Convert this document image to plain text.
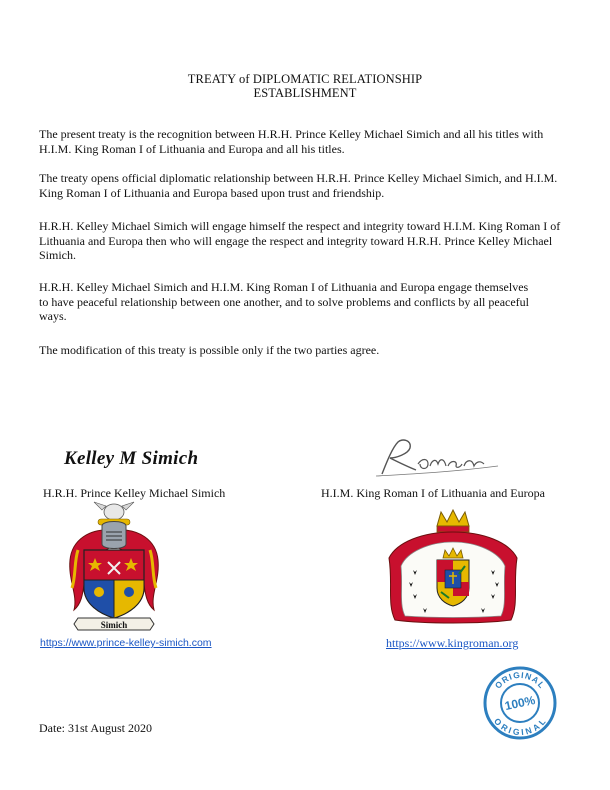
TREATY of DIPLOMATIC RELATIONSHIP
ESTABLISHMENT

The present treaty is the recognition between H.R.H. Prince Kelley Michael Simich and all his titles with
H.I.M. King Roman I of Lithuania and Europa and all his titles.

The treaty opens official diplomatic relationship between H.R.H. Prince Kelley Michael Simich, and H.I.M.
King Roman I of Lithuania and Europa based upon trust and friendship.

H.R.H. Kelley Michael Simich will engage himself the respect and integrity toward H.I.M. King Roman I of
Lithuania and Europa then who will engage the respect and integrity toward H.R.H. Prince Kelley Michael
Simich.

H.R.H. Kelley Michael Simich and H.I.M. King Roman I of Lithuania and Europa engage themselves
to have peaceful relationship between one another, and to solve problems and conflicts by all peaceful
ways.

The modification of this treaty is possible only if the two parties agree.

Kelley M Simich
H.R.H. Prince Kelley Michael Simich
Simich
https://www.prince-kelley-simich.com
H.I.M. King Roman I of Lithuania and Europa
https://www.kingroman.org
ORIGINAL
ORIGINAL
100%
Date: 31st August 2020
